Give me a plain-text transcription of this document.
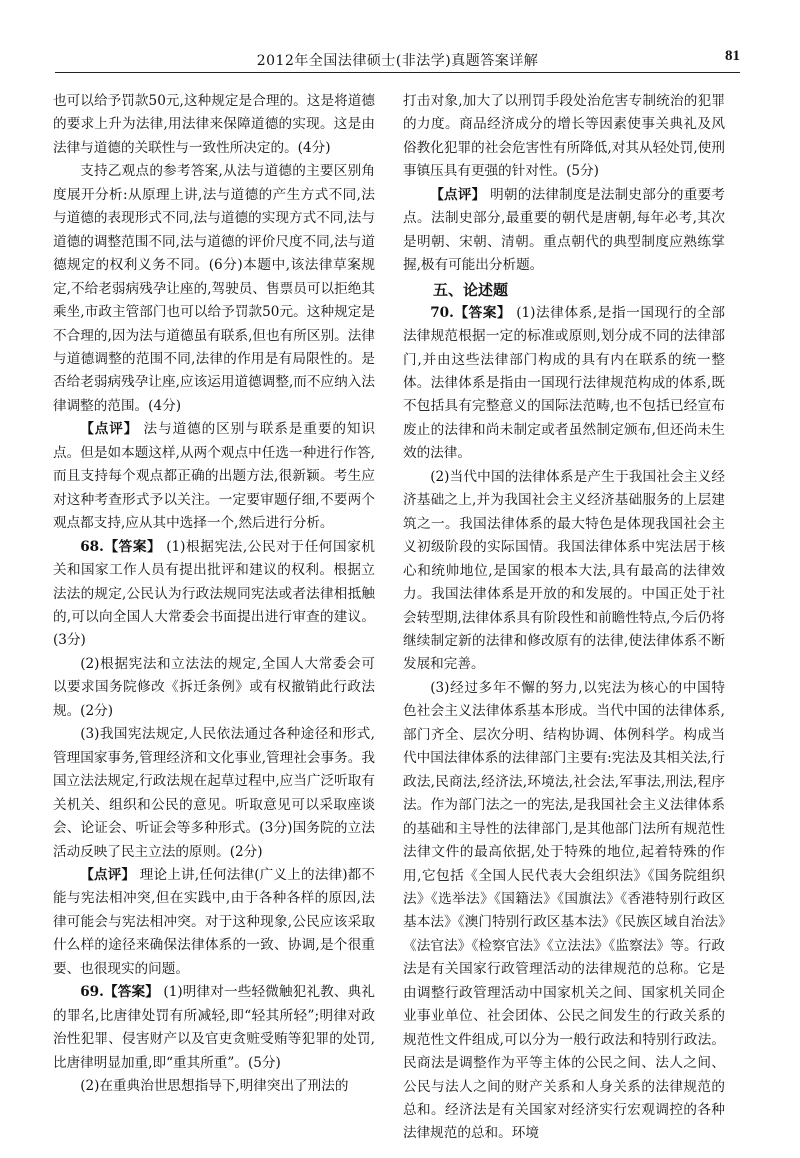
2012年全国法律硕士(非法学)真题答案详解	81

也可以给予罚款50元,这种规定是合理的。这是将道德的要求上升为法律,用法律来保障道德的实现。这是由法律与道德的关联性与一致性所决定的。(4分)

支持乙观点的参考答案,从法与道德的主要区别角度展开分析:从原理上讲,法与道德的产生方式不同,法与道德的表现形式不同,法与道德的实现方式不同,法与道德的调整范围不同,法与道德的评价尺度不同,法与道德规定的权利义务不同。(6分)本题中,该法律草案规定,不给老弱病残孕让座的,驾驶员、售票员可以拒绝其乘坐,市政主管部门也可以给予罚款50元。这种规定是不合理的,因为法与道德虽有联系,但也有所区别。法律与道德调整的范围不同,法律的作用是有局限性的。是否给老弱病残孕让座,应该运用道德调整,而不应纳入法律调整的范围。(4分)

【点评】 法与道德的区别与联系是重要的知识点。但是如本题这样,从两个观点中任选一种进行作答,而且支持每个观点都正确的出题方法,很新颖。考生应对这种考查形式予以关注。一定要审题仔细,不要两个观点都支持,应从其中选择一个,然后进行分析。

68.【答案】 (1)根据宪法,公民对于任何国家机关和国家工作人员有提出批评和建议的权利。根据立法法的规定,公民认为行政法规同宪法或者法律相抵触的,可以向全国人大常委会书面提出进行审查的建议。(3分)

(2)根据宪法和立法法的规定,全国人大常委会可以要求国务院修改《拆迁条例》或有权撤销此行政法规。(2分)

(3)我国宪法规定,人民依法通过各种途径和形式,管理国家事务,管理经济和文化事业,管理社会事务。我国立法法规定,行政法规在起草过程中,应当广泛听取有关机关、组织和公民的意见。听取意见可以采取座谈会、论证会、听证会等多种形式。(3分)国务院的立法活动反映了民主立法的原则。(2分)

【点评】 理论上讲,任何法律(广义上的法律)都不能与宪法相冲突,但在实践中,由于各种各样的原因,法律可能会与宪法相冲突。对于这种现象,公民应该采取什么样的途径来确保法律体系的一致、协调,是个很重要、也很现实的问题。

69.【答案】 (1)明律对一些轻微触犯礼教、典礼的罪名,比唐律处罚有所减轻,即“轻其所轻”;明律对政治性犯罪、侵害财产以及官吏贪赃受贿等犯罪的处罚,比唐律明显加重,即“重其所重”。(5分)

(2)在重典治世思想指导下,明律突出了刑法的

打击对象,加大了以刑罚手段处治危害专制统治的犯罪的力度。商品经济成分的增长等因素使事关典礼及风俗教化犯罪的社会危害性有所降低,对其从轻处罚,使刑事镇压具有更强的针对性。(5分)

【点评】 明朝的法律制度是法制史部分的重要考点。法制史部分,最重要的朝代是唐朝,每年必考,其次是明朝、宋朝、清朝。重点朝代的典型制度应熟练掌握,极有可能出分析题。

五、论述题

70.【答案】 (1)法律体系,是指一国现行的全部法律规范根据一定的标准或原则,划分成不同的法律部门,并由这些法律部门构成的具有内在联系的统一整体。法律体系是指由一国现行法律规范构成的体系,既不包括具有完整意义的国际法范畴,也不包括已经宣布废止的法律和尚未制定或者虽然制定颁布,但还尚未生效的法律。

(2)当代中国的法律体系是产生于我国社会主义经济基础之上,并为我国社会主义经济基础服务的上层建筑之一。我国法律体系的最大特色是体现我国社会主义初级阶段的实际国情。我国法律体系中宪法居于核心和统帅地位,是国家的根本大法,具有最高的法律效力。我国法律体系是开放的和发展的。中国正处于社会转型期,法律体系具有阶段性和前瞻性特点,今后仍将继续制定新的法律和修改原有的法律,使法律体系不断发展和完善。

(3)经过多年不懈的努力,以宪法为核心的中国特色社会主义法律体系基本形成。当代中国的法律体系,部门齐全、层次分明、结构协调、体例科学。构成当代中国法律体系的法律部门主要有:宪法及其相关法,行政法,民商法,经济法,环境法,社会法,军事法,刑法,程序法。作为部门法之一的宪法,是我国社会主义法律体系的基础和主导性的法律部门,是其他部门法所有规范性法律文件的最高依据,处于特殊的地位,起着特殊的作用,它包括《全国人民代表大会组织法》《国务院组织法》《选举法》《国籍法》《国旗法》《香港特别行政区基本法》《澳门特别行政区基本法》《民族区域自治法》《法官法》《检察官法》《立法法》《监察法》等。行政法是有关国家行政管理活动的法律规范的总称。它是由调整行政管理活动中国家机关之间、国家机关同企业事业单位、社会团体、公民之间发生的行政关系的规范性文件组成,可以分为一般行政法和特别行政法。民商法是调整作为平等主体的公民之间、法人之间、公民与法人之间的财产关系和人身关系的法律规范的总和。经济法是有关国家对经济实行宏观调控的各种法律规范的总和。环境
